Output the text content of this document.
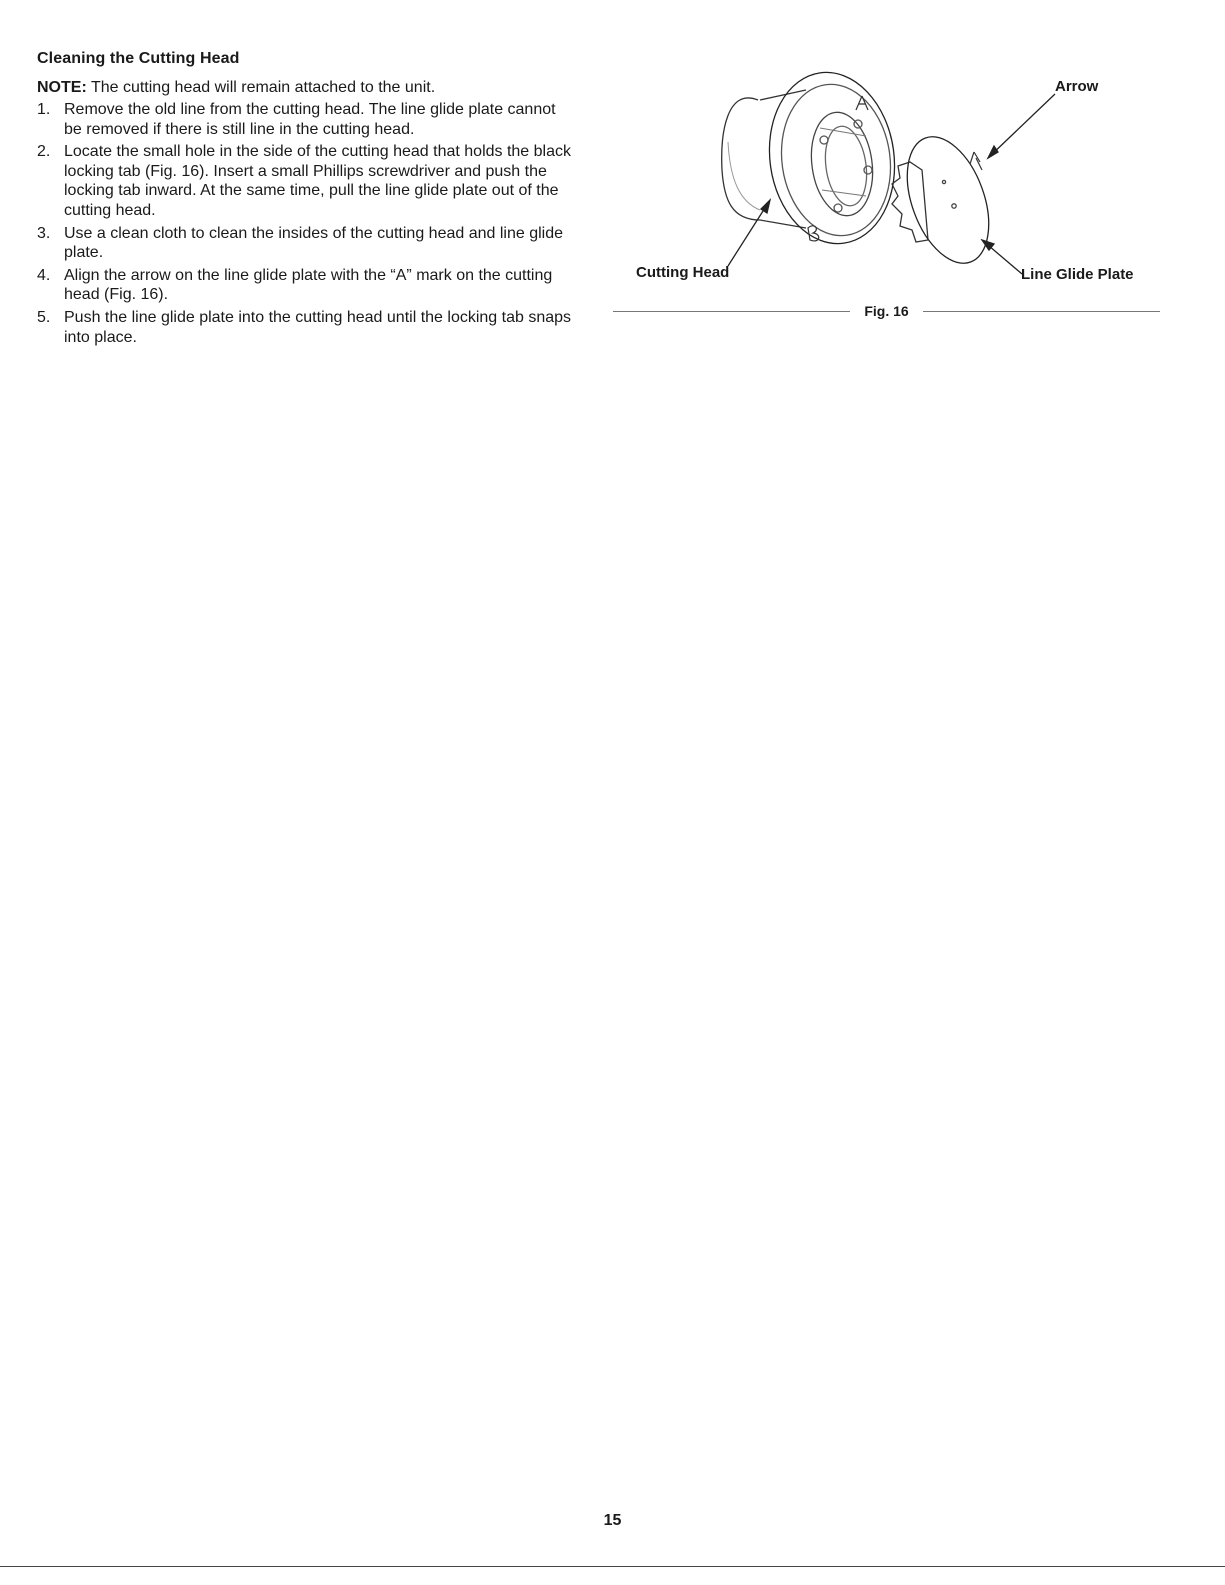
Cleaning the Cutting Head

NOTE: The cutting head will remain attached to the unit.

1. Remove the old line from the cutting head. The line glide plate cannot be removed if there is still line in the cutting head.
2. Locate the small hole in the side of the cutting head that holds the black locking tab (Fig. 16). Insert a small Phillips screwdriver and push the locking tab inward. At the same time, pull the line glide plate out of the cutting head.
3. Use a clean cloth to clean the insides of the cutting head and line glide plate.
4. Align the arrow on the line glide plate with the “A” mark on the cutting head (Fig. 16).
5. Push the line glide plate into the cutting head until the locking tab snaps into place.

Arrow

Cutting Head	Line Glide Plate

Fig. 16

15
